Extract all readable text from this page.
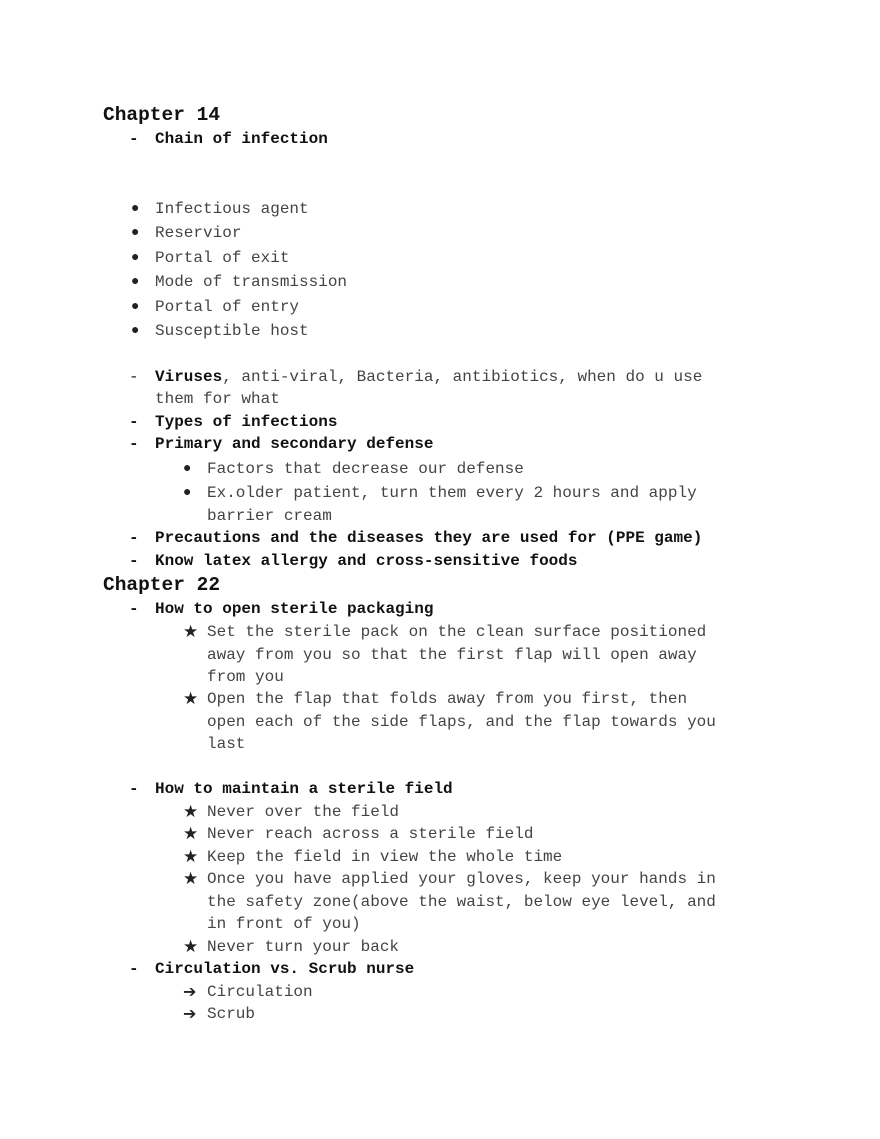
Chapter 14
- Chain of infection
● Infectious agent
● Reservior
● Portal of exit
● Mode of transmission
● Portal of entry
● Susceptible host
- Viruses, anti-viral, Bacteria, antibiotics, when do u use
them for what
- Types of infections
- Primary and secondary defense
● Factors that decrease our defense
● Ex.older patient, turn them every 2 hours and apply
barrier cream
- Precautions and the diseases they are used for (PPE game)
- Know latex allergy and cross-sensitive foods
Chapter 22
- How to open sterile packaging
★ Set the sterile pack on the clean surface positioned
away from you so that the first flap will open away
from you
★ Open the flap that folds away from you first, then
open each of the side flaps, and the flap towards you
last
- How to maintain a sterile field
★ Never over the field
★ Never reach across a sterile field
★ Keep the field in view the whole time
★ Once you have applied your gloves, keep your hands in
the safety zone(above the waist, below eye level, and
in front of you)
★ Never turn your back
- Circulation vs. Scrub nurse
➔ Circulation
➔ Scrub
